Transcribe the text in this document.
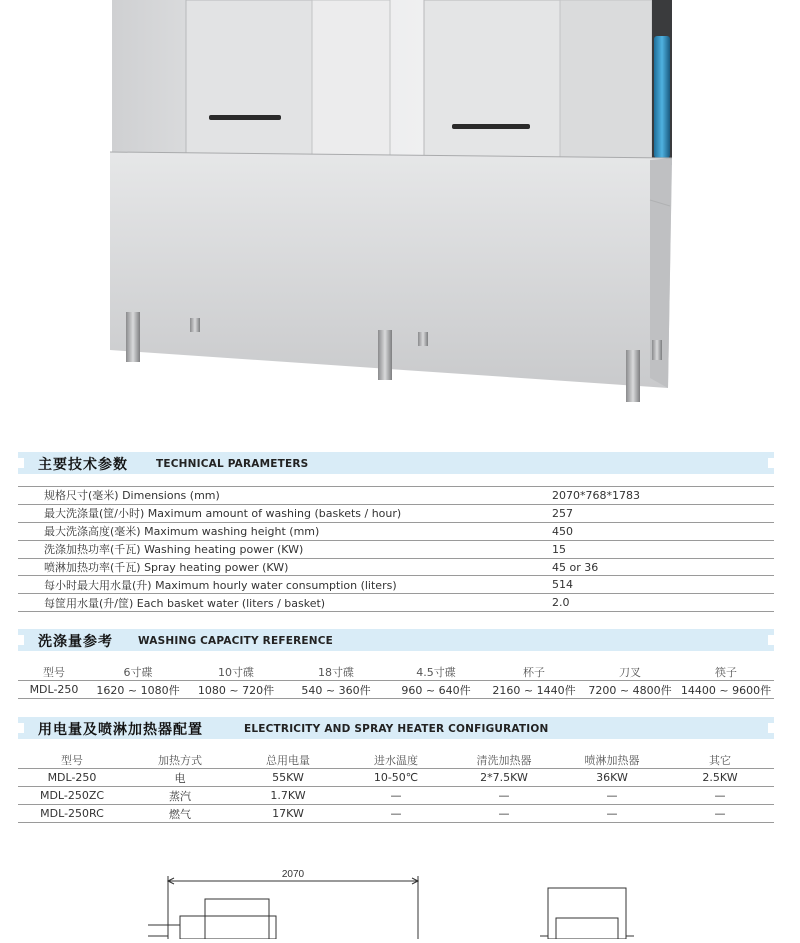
主要技术参数	TECHNICAL PARAMETERS
规格尺寸(毫米) Dimensions (mm)	2070*768*1783
最大洗涤量(筐/小时) Maximum amount of washing (baskets / hour)	257
最大洗涤高度(毫米) Maximum washing height (mm)	450
洗涤加热功率(千瓦) Washing heating power (KW)	15
喷淋加热功率(千瓦) Spray heating power (KW)	45 or 36
每小时最大用水量(升) Maximum hourly water consumption (liters)	514
每筐用水量(升/筐) Each basket water (liters / basket)	2.0
洗涤量参考 WASHING CAPACITY REFERENCE
型号	6寸碟	10寸碟	18寸碟	4.5寸碟	杯子	刀叉	筷子
MDL-250	1620 ~ 1080件	1080 ~ 720件	540 ~ 360件	960 ~ 640件	2160 ~ 1440件	7200 ~ 4800件	14400 ~ 9600件
用电量及喷淋加热器配置	ELECTRICITY AND SPRAY HEATER CONFIGURATION
型号	加热方式	总用电量	进水温度	清洗加热器	喷淋加热器	其它
MDL-250	电	55KW	10-50℃	2*7.5KW	36KW	2.5KW
MDL-250ZC	蒸汽	1.7KW	—	—	—	—
MDL-250RC	燃气	17KW	—	—	—	—
2070
